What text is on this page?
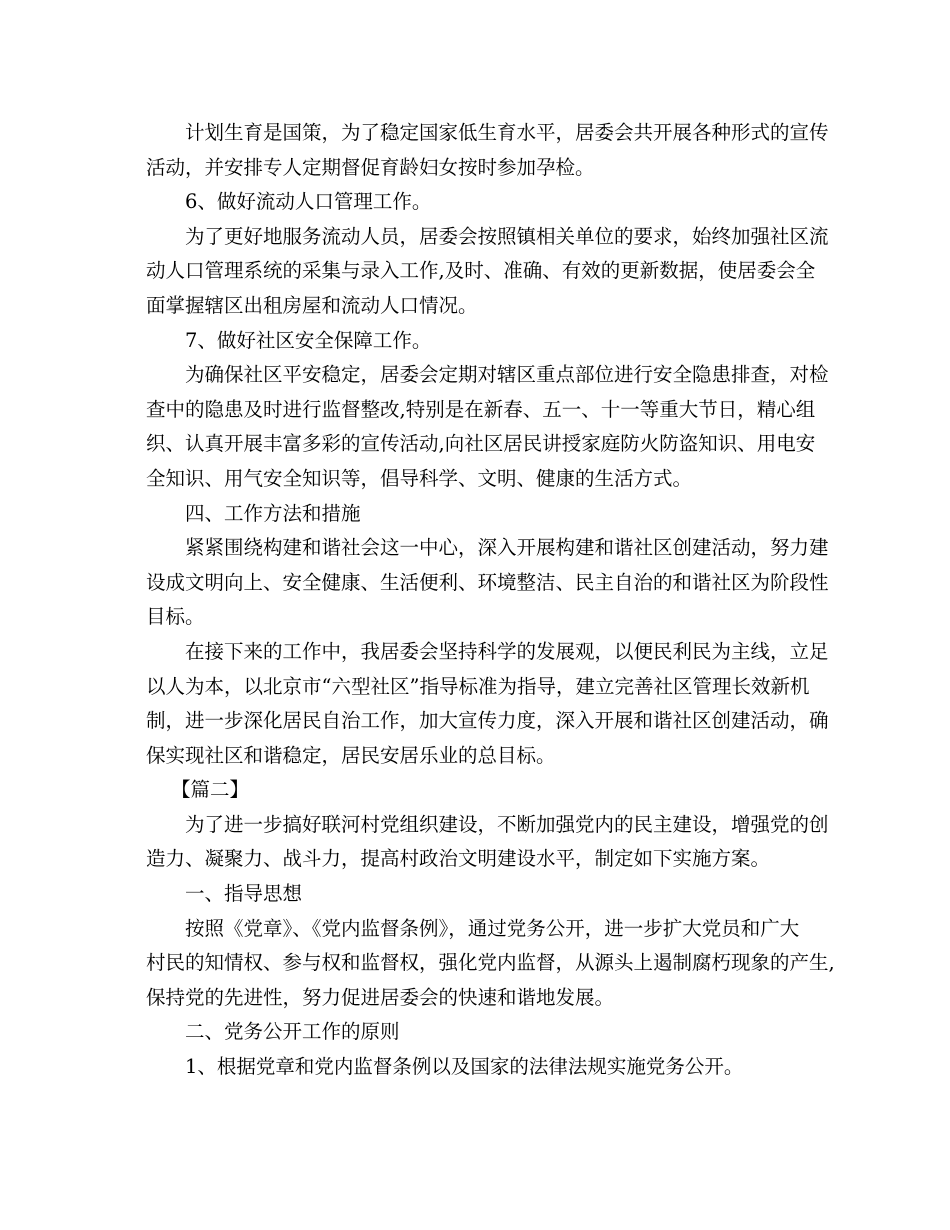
计划生育是国策，为了稳定国家低生育水平，居委会共开展各种形式的宣传
活动，并安排专人定期督促育龄妇女按时参加孕检。
6、做好流动人口管理工作。
为了更好地服务流动人员，居委会按照镇相关单位的要求，始终加强社区流
动人口管理系统的采集与录入工作,及时、准确、有效的更新数据，使居委会全
面掌握辖区出租房屋和流动人口情况。
7、做好社区安全保障工作。
为确保社区平安稳定，居委会定期对辖区重点部位进行安全隐患排查，对检
查中的隐患及时进行监督整改,特别是在新春、五一、十一等重大节日，精心组
织、认真开展丰富多彩的宣传活动,向社区居民讲授家庭防火防盗知识、用电安
全知识、用气安全知识等，倡导科学、文明、健康的生活方式。
四、工作方法和措施
紧紧围绕构建和谐社会这一中心，深入开展构建和谐社区创建活动，努力建
设成文明向上、安全健康、生活便利、环境整洁、民主自治的和谐社区为阶段性
目标。
在接下来的工作中，我居委会坚持科学的发展观，以便民利民为主线，立足
以人为本，以北京市“六型社区”指导标准为指导，建立完善社区管理长效新机
制，进一步深化居民自治工作，加大宣传力度，深入开展和谐社区创建活动，确
保实现社区和谐稳定，居民安居乐业的总目标。
【篇二】
为了进一步搞好联河村党组织建设，不断加强党内的民主建设，增强党的创
造力、凝聚力、战斗力，提高村政治文明建设水平，制定如下实施方案。
一、指导思想
按照《党章》、《党内监督条例》，通过党务公开，进一步扩大党员和广大
村民的知情权、参与权和监督权，强化党内监督，从源头上遏制腐朽现象的产生,
保持党的先进性，努力促进居委会的快速和谐地发展。
二、党务公开工作的原则
1、根据党章和党内监督条例以及国家的法律法规实施党务公开。
